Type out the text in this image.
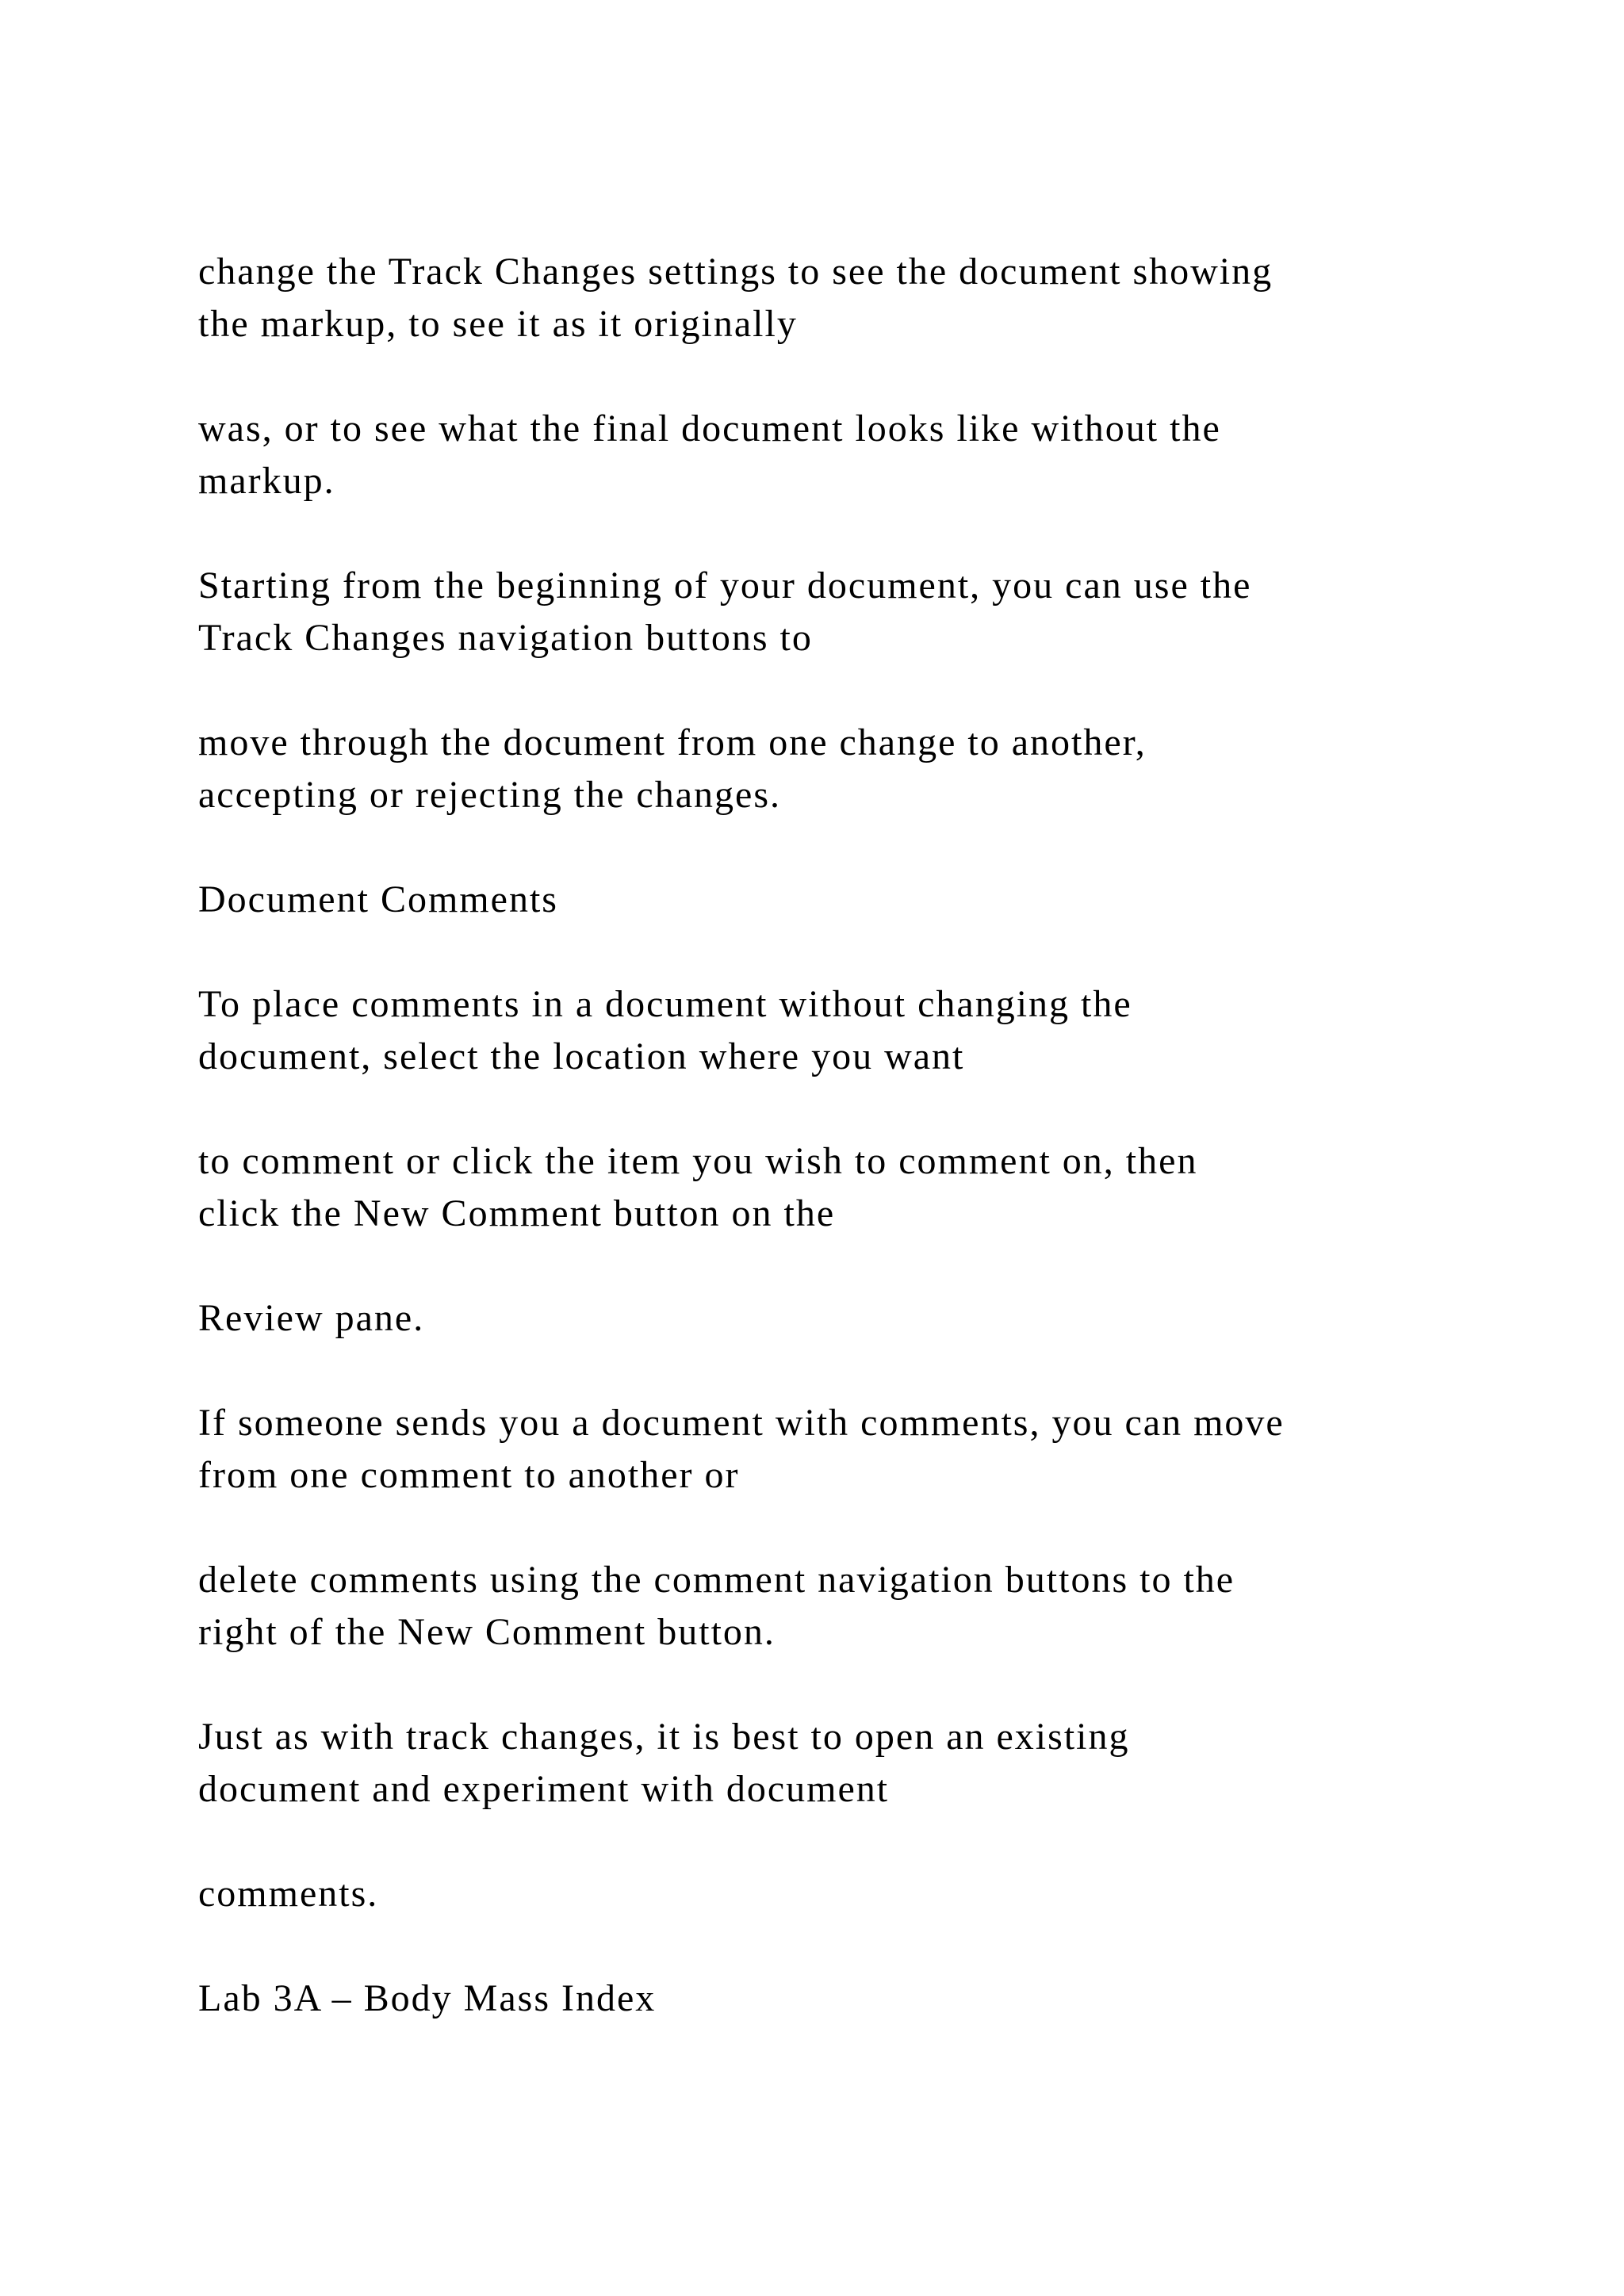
change the Track Changes settings to see the document showing
the markup, to see it as it originally

was, or to see what the final document looks like without the
markup.

Starting from the beginning of your document, you can use the
Track Changes navigation buttons to

move through the document from one change to another,
accepting or rejecting the changes.

Document Comments

To place comments in a document without changing the
document, select the location where you want

to comment or click the item you wish to comment on, then
click the New Comment button on the

Review pane.

If someone sends you a document with comments, you can move
from one comment to another or

delete comments using the comment navigation buttons to the
right of the New Comment button.

Just as with track changes, it is best to open an existing
document and experiment with document

comments.

Lab 3A – Body Mass Index
